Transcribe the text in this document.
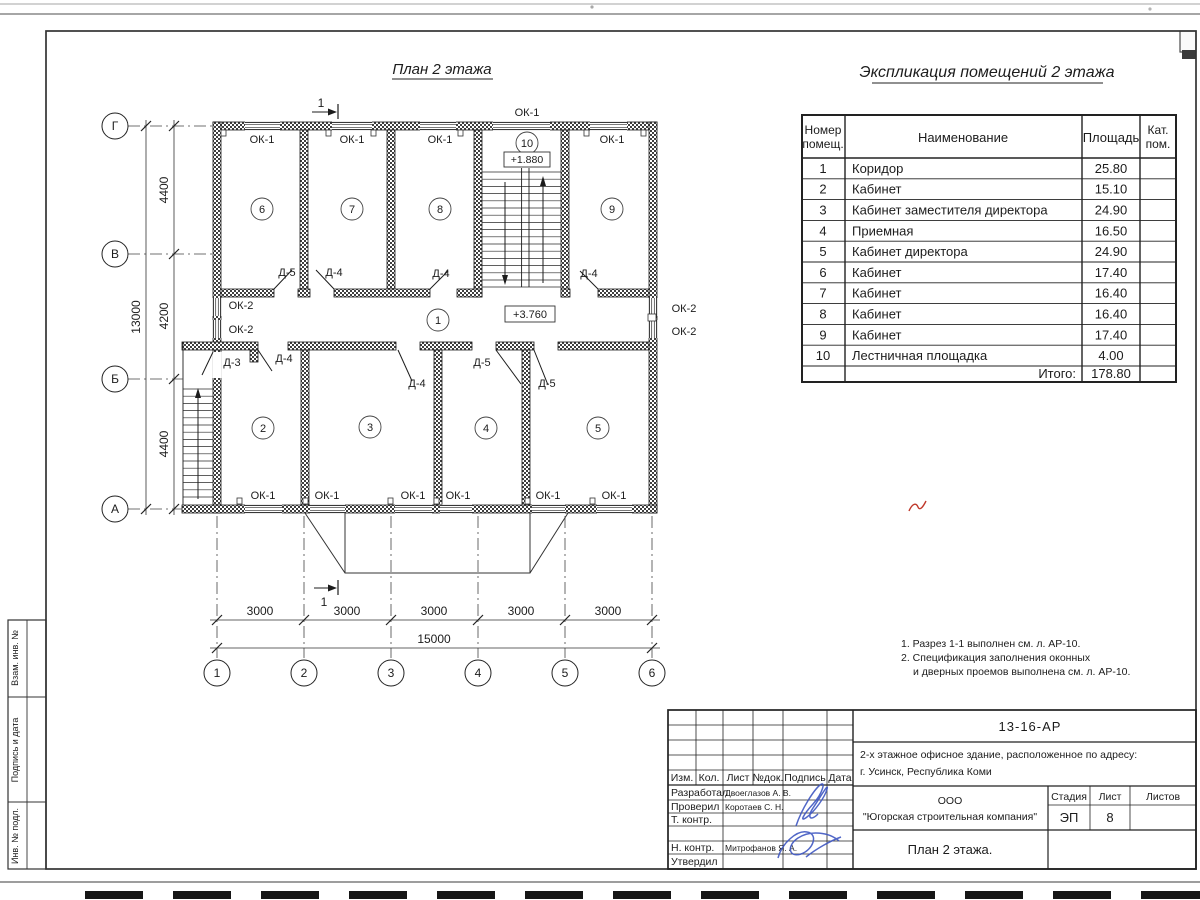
Взам. инв. №
Подпись и дата
Инв. № подл.
План 2 этажа
1	2	3	4	5	6
Г
В
Б
А
3000	3000	3000	3000	3000
15000
4400
4200
4400
13000
1
1
1
2	3	4	5
6	7	8	9
10
+1.880
+3.760
ОК-1	ОК-1	ОК-1	ОК-1
ОК-1
ОК-1	ОК-1	ОК-1 ОК-1	ОК-1	ОК-1
ОК-2
ОК-2
ОК-2
ОК-2
Д-5	Д-4	Д-4	Д-4
Д-3	Д-4
Д-4
Д-5
Д-5
Экспликация помещений 2 этажа
Номер
помещ.	Наименование	Площадь Кат.
пом.
1 Коридор	25.80
2 Кабинет	15.10
3 Кабинет заместителя директора	24.90
4 Приемная	16.50
5 Кабинет директора	24.90
6 Кабинет	17.40
7 Кабинет	16.40
8 Кабинет	16.40
9 Кабинет	17.40
10 Лестничная площадка	4.00
Итого: 178.80
1. Разрез 1-1 выполнен см. л. АР-10.
2. Спецификация заполнения оконных
и дверных проемов выполнена см. л. АР-10.
Изм. Кол. Лист №док. Подпись Дата
Разработал
Двоеглазов А. В.
Проверил Коротаев С. Н.
Т. контр.
Н. контр. Митрофанов Я. А.
Утвердил
13-16-АР
2-х этажное офисное здание, расположенное по адресу:
г. Усинск, Республика Коми
ООО
"Югорская строительная компания"
Стадия Лист Листов
ЭП 8
План 2 этажа.
